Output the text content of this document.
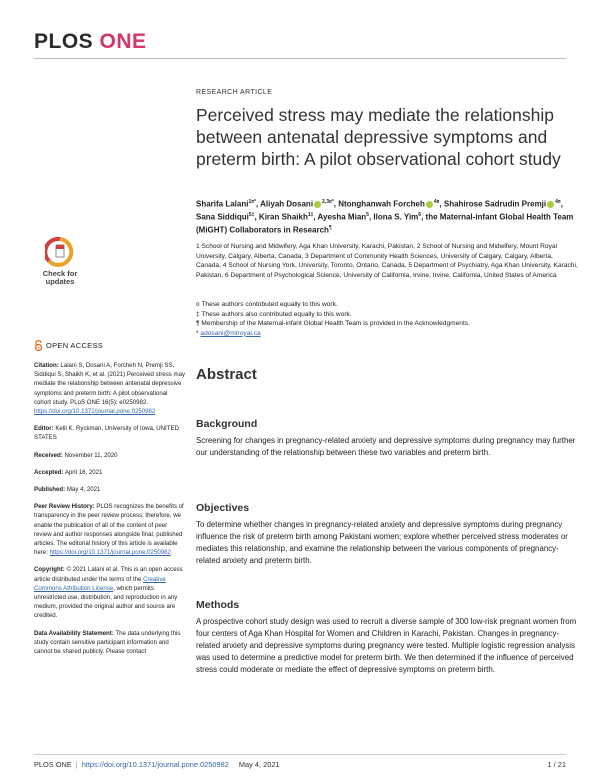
PLOS ONE
RESEARCH ARTICLE
Perceived stress may mediate the relationship between antenatal depressive symptoms and preterm birth: A pilot observational cohort study
Sharifa Lalani$^{1¤*}$, Aliyah Dosani $^{2,3¤*}$, Ntonghanwah Forcheh $^{4¤}$, Shahirose Sadrudin Premji $^{4¤}$, Sana Siddiqui$^{5\ddagger}$, Kiran Shaikh$^{1\ddagger}$, Ayesha Mian$^5$, Ilona S. Yim$^6$, the Maternal-infant Global Health Team (MiGHT) Collaborators in Research¶
Check for
updates
1 School of Nursing and Midwifery, Aga Khan University, Karachi, Pakistan, 2 School of Nursing and Midwifery, Mount Royal University, Calgary, Alberta, Canada, 3 Department of Community Health Sciences, University of Calgary, Calgary, Alberta, Canada, 4 School of Nursing York, University, Toronto, Ontario, Canada, 5 Department of Psychiatry, Aga Khan University, Karachi, Pakistan, 6 Department of Psychological Science, University of California, Irvine, Irvine, California, United States of America
¤ These authors contributed equally to this work.
‡ These authors also contributed equally to this work.
¶ Membership of the Maternal-infant Global Health Team is provided in the Acknowledgments.
* adosani@mtroyal.ca
OPEN ACCESS
Citation: Lalani S, Dosani A, Forcheh N, Premji SS, Siddiqui S, Shaikh K, et al. (2021) Perceived stress may mediate the relationship between antenatal depressive symptoms and preterm birth: A pilot observational cohort study. PLoS ONE 16(5): e0250982. https://doi.org/10.1371/journal.pone.0250982
Editor: Kelli K. Ryckman, University of Iowa, UNITED STATES
Received: November 11, 2020
Accepted: April 16, 2021
Published: May 4, 2021
Peer Review History: PLOS recognizes the benefits of transparency in the peer review process; therefore, we enable the publication of all of the content of peer review and author responses alongside final, published articles. The editorial history of this article is available here: https://doi.org/10.1371/journal.pone.0250982
Copyright: © 2021 Lalani et al. This is an open access article distributed under the terms of the Creative Commons Attribution License, which permits unrestricted use, distribution, and reproduction in any medium, provided the original author and source are credited.
Data Availability Statement: The data underlying this study contain sensitive participant information and cannot be shared publicly. Please contact
Abstract
Background

Screening for changes in pregnancy-related anxiety and depressive symptoms during pregnancy may further our understanding of the relationship between these two variables and preterm birth.

Objectives

To determine whether changes in pregnancy-related anxiety and depressive symptoms during pregnancy influence the risk of preterm birth among Pakistani women; explore whether perceived stress moderates or mediates this relationship, and examine the relationship between the various components of pregnancy-related anxiety and preterm birth.

Methods

A prospective cohort study design was used to recruit a diverse sample of 300 low-risk pregnant women from four centers of Aga Khan Hospital for Women and Children in Karachi, Pakistan. Changes in pregnancy-related anxiety and depressive symptoms during pregnancy were tested. Multiple logistic regression analysis was used to determine a predictive model for preterm birth. We then determined if the influence of perceived stress could moderate or mediate the effect of depressive symptoms on preterm birth.

PLOS ONE | https://doi.org/10.1371/journal.pone.0250982
May 4, 2021	1 / 21
